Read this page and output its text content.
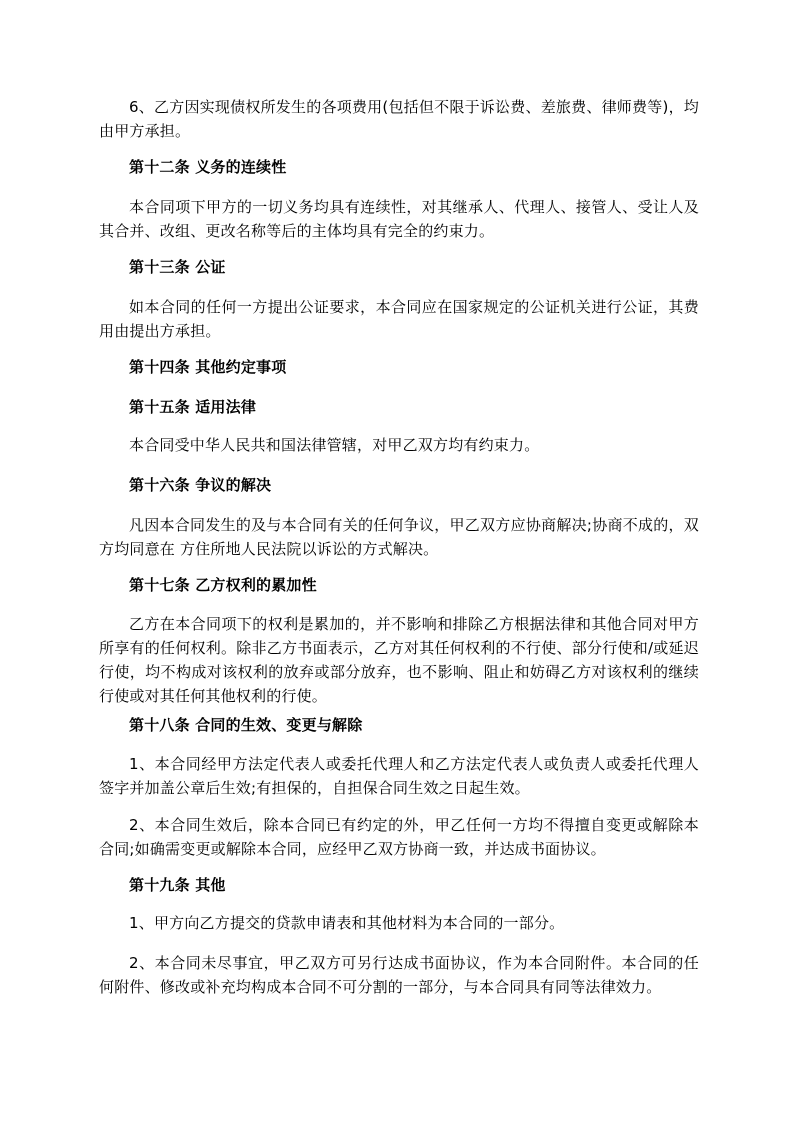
6、乙方因实现债权所发生的各项费用(包括但不限于诉讼费、差旅费、律师费等)，均由甲方承担。

第十二条 义务的连续性

本合同项下甲方的一切义务均具有连续性，对其继承人、代理人、接管人、受让人及其合并、改组、更改名称等后的主体均具有完全的约束力。

第十三条 公证

如本合同的任何一方提出公证要求，本合同应在国家规定的公证机关进行公证，其费用由提出方承担。

第十四条 其他约定事项

第十五条 适用法律

本合同受中华人民共和国法律管辖，对甲乙双方均有约束力。

第十六条 争议的解决

凡因本合同发生的及与本合同有关的任何争议，甲乙双方应协商解决;协商不成的，双方均同意在 方住所地人民法院以诉讼的方式解决。

第十七条 乙方权利的累加性

乙方在本合同项下的权利是累加的，并不影响和排除乙方根据法律和其他合同对甲方所享有的任何权利。除非乙方书面表示，乙方对其任何权利的不行使、部分行使和/或延迟行使，均不构成对该权利的放弃或部分放弃，也不影响、阻止和妨碍乙方对该权利的继续行使或对其任何其他权利的行使。

第十八条 合同的生效、变更与解除

1、本合同经甲方法定代表人或委托代理人和乙方法定代表人或负责人或委托代理人签字并加盖公章后生效;有担保的，自担保合同生效之日起生效。

2、本合同生效后，除本合同已有约定的外，甲乙任何一方均不得擅自变更或解除本合同;如确需变更或解除本合同，应经甲乙双方协商一致，并达成书面协议。

第十九条 其他

1、甲方向乙方提交的贷款申请表和其他材料为本合同的一部分。

2、本合同未尽事宜，甲乙双方可另行达成书面协议，作为本合同附件。本合同的任何附件、修改或补充均构成本合同不可分割的一部分，与本合同具有同等法律效力。
